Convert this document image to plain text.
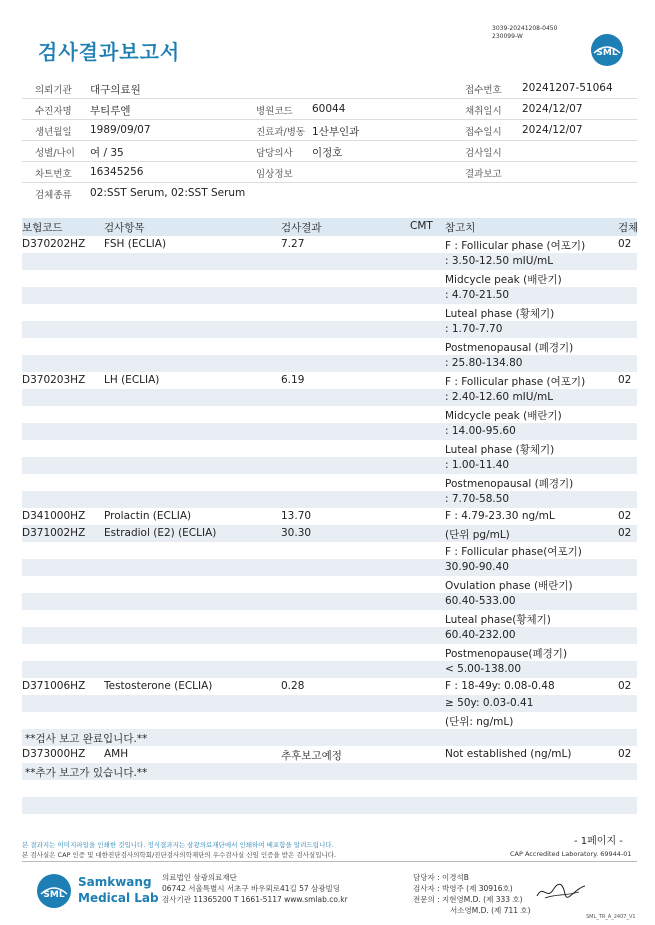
검사결과보고서
3039-20241208-0450
230099-W
SML
의뢰기관 대구의료원	접수번호 20241207-51064
수진자명 부티루엔	병원코드 60044	채취일시 2024/12/07
생년월일 1989/09/07	진료과/병동 1산부인과	접수일시 2024/12/07
성별/나이 여 / 35	담당의사 이정호	검사일시
차트번호 16345256	임상정보	결과보고
검체종류 02:SST Serum, 02:SST Serum
보험코드	검사항목	검사결과	CMT 참고치	검체
D370202HZ FSH (ECLIA)	7.27	F : Follicular phase (여포기)	02
: 3.50-12.50 mIU/mL
Midcycle peak (배란기)
: 4.70-21.50
Luteal phase (황체기)
: 1.70-7.70
Postmenopausal (폐경기)
: 25.80-134.80
D370203HZ LH (ECLIA)	6.19	F : Follicular phase (여포기)	02
: 2.40-12.60 mIU/mL
Midcycle peak (배란기)
: 14.00-95.60
Luteal phase (황체기)
: 1.00-11.40
Postmenopausal (폐경기)
: 7.70-58.50
D341000HZ Prolactin (ECLIA)	13.70	F : 4.79-23.30 ng/mL	02
D371002HZ Estradiol (E2) (ECLIA)	30.30	(단위 pg/mL)	02
F : Follicular phase(여포기)
30.90-90.40
Ovulation phase (배란기)
60.40-533.00
Luteal phase(황체기)
60.40-232.00
Postmenopause(폐경기)
< 5.00-138.00
D371006HZ Testosterone (ECLIA)	0.28	F : 18-49y: 0.08-0.48	02
≥ 50y: 0.03-0.41
(단위: ng/mL)
**검사 보고 완료입니다.**
D373000HZ AMH	추후보고예정	Not established (ng/mL)	02
**추가 보고가 있습니다.**
- 1페이지 -
본 결과지는 이미지파일을 인쇄한 것입니다. 정식결과지는 삼광의료재단에서 인쇄하여 배포함을 알려드립니다.
본 검사실은 CAP 인증 및 대한진단검사의학회/진단검사의학재단의 우수검사실 신임 인증을 받은 검사실입니다.	CAP Accredited Laboratory. 69944-01
SML
Samkwang
Medical Lab
의료법인 삼광의료재단
06742 서울특별시 서초구 바우뫼로41길 57 삼광빌딩
검사기관 11365200 T 1661-5117 www.smlab.co.kr
담당자 : 이경석B
검사자 : 박영주 (제 30916호)
전문의 : 지현영M.D. (제 333 호)
서소영M.D. (제 711 호)
SML_TR_A_2407_V1
